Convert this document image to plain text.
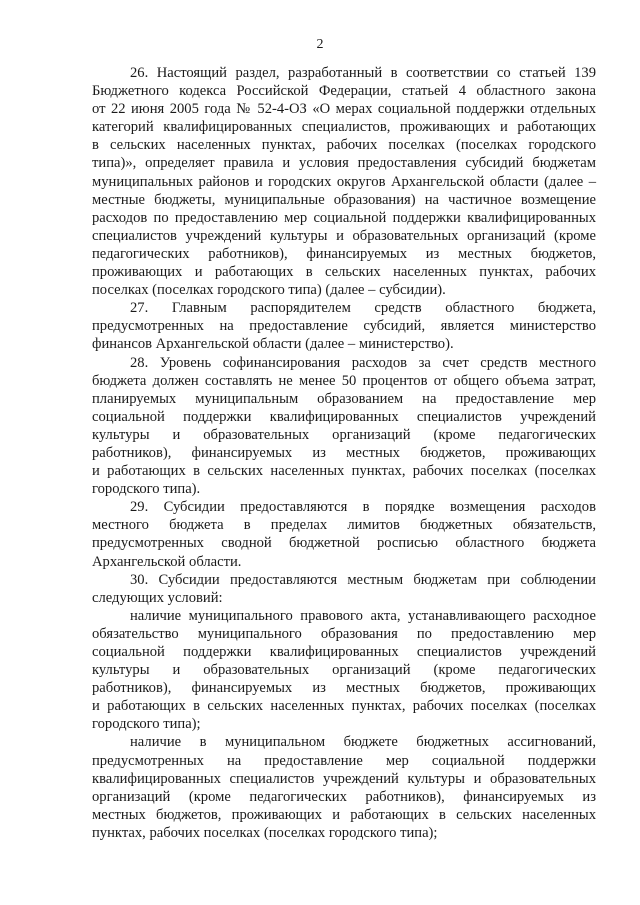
2
26. Настоящий раздел, разработанный в соответствии со статьей 139
Бюджетного кодекса Российской Федерации, статьей 4 областного закона
от 22 июня 2005 года № 52-4-ОЗ «О мерах социальной поддержки отдельных
категорий квалифицированных специалистов, проживающих и работающих
в сельских населенных пунктах, рабочих поселках (поселках городского
типа)», определяет правила и условия предоставления субсидий бюджетам
муниципальных районов и городских округов Архангельской области (далее –
местные бюджеты, муниципальные образования) на частичное возмещение
расходов по предоставлению мер социальной поддержки квалифицированных
специалистов учреждений культуры и образовательных организаций (кроме
педагогических работников), финансируемых из местных бюджетов,
проживающих и работающих в сельских населенных пунктах, рабочих
поселках (поселках городского типа) (далее – субсидии).
27. Главным распорядителем средств областного бюджета,
предусмотренных на предоставление субсидий, является министерство
финансов Архангельской области (далее – министерство).
28. Уровень софинансирования расходов за счет средств местного
бюджета должен составлять не менее 50 процентов от общего объема затрат,
планируемых муниципальным образованием на предоставление мер
социальной поддержки квалифицированных специалистов учреждений
культуры и образовательных организаций (кроме педагогических
работников), финансируемых из местных бюджетов, проживающих
и работающих в сельских населенных пунктах, рабочих поселках (поселках
городского типа).
29. Субсидии предоставляются в порядке возмещения расходов
местного бюджета в пределах лимитов бюджетных обязательств,
предусмотренных сводной бюджетной росписью областного бюджета
Архангельской области.
30. Субсидии предоставляются местным бюджетам при соблюдении
следующих условий:
наличие муниципального правового акта, устанавливающего расходное
обязательство муниципального образования по предоставлению мер
социальной поддержки квалифицированных специалистов учреждений
культуры и образовательных организаций (кроме педагогических
работников), финансируемых из местных бюджетов, проживающих
и работающих в сельских населенных пунктах, рабочих поселках (поселках
городского типа);
наличие в муниципальном бюджете бюджетных ассигнований,
предусмотренных на предоставление мер социальной поддержки
квалифицированных специалистов учреждений культуры и образовательных
организаций (кроме педагогических работников), финансируемых из
местных бюджетов, проживающих и работающих в сельских населенных
пунктах, рабочих поселках (поселках городского типа);
